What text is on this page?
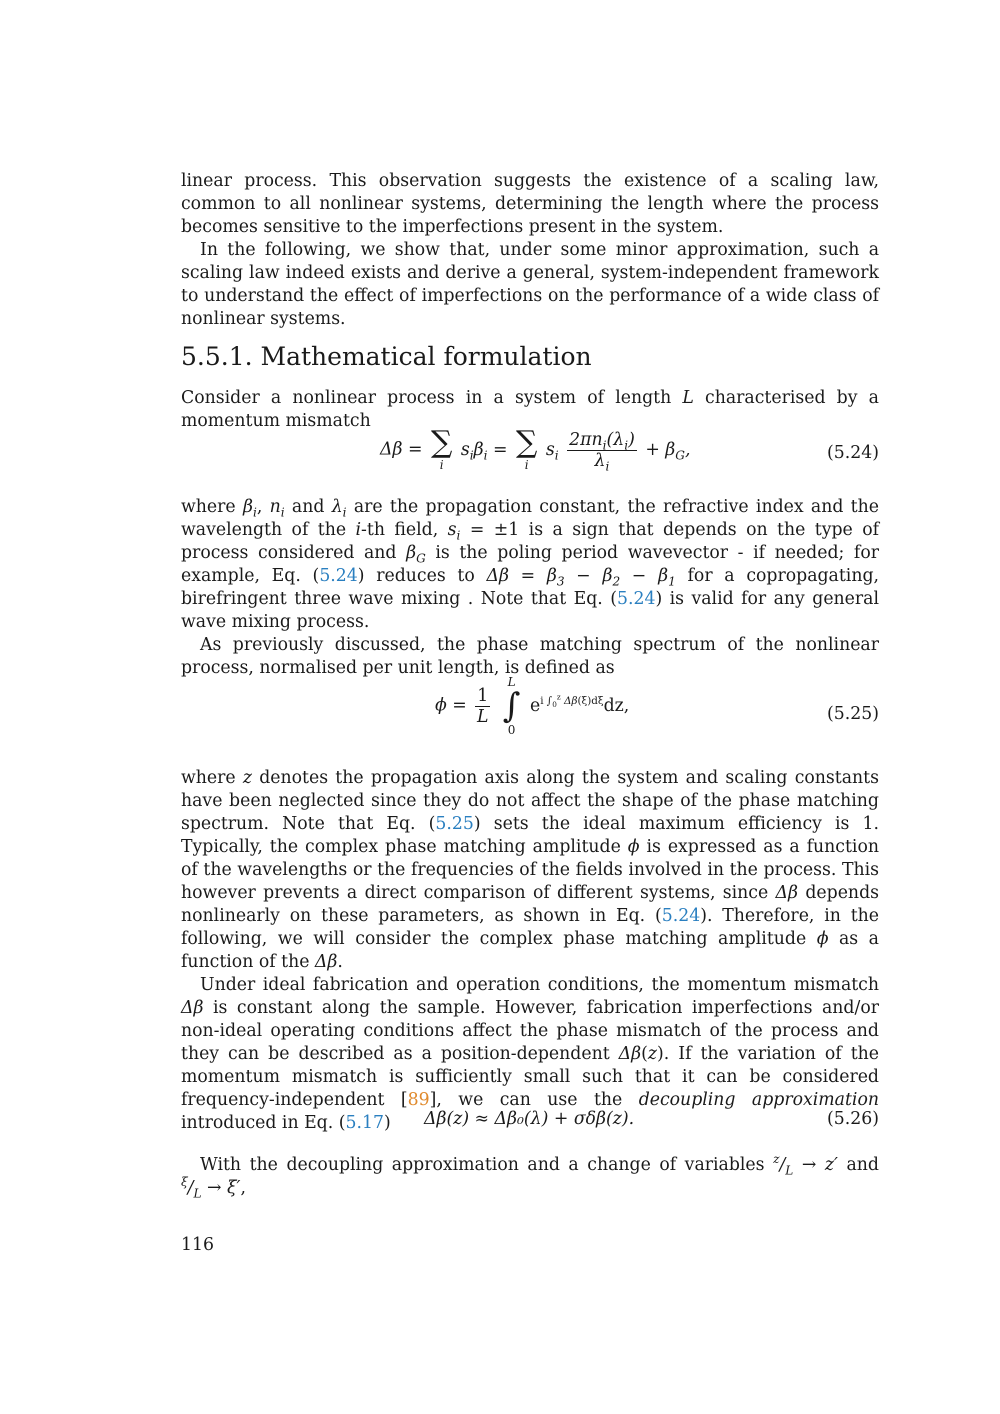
linear process. This observation suggests the existence of a scaling law, common to all nonlinear systems, determining the length where the process becomes sensitive to the imperfections present in the system.

In the following, we show that, under some minor approximation, such a scaling law indeed exists and derive a general, system-independent framework to understand the effect of imperfections on the performance of a wide class of nonlinear systems.

5.5.1. Mathematical formulation

Consider a nonlinear process in a system of length L characterised by a momentum mismatch

Δβ = ∑
i
$s_i\beta_i$ = ∑
i
$s_i \frac{2\pi n_i(\lambda_i)}{\lambda_i} + \beta_G$,	(5.24)

where $\beta_i$, $n_i$ and $\lambda_i$ are the propagation constant, the refractive index and the wavelength of the i-th field, $s_i = \pm 1$ is a sign that depends on the type of process considered and $\beta_G$ is the poling period wavevector - if needed; for example, Eq. (5.24) reduces to $\Delta\beta = \beta_3 - \beta_2 - \beta_1$ for a copropagating, birefringent three wave mixing . Note that Eq. (5.24) is valid for any general wave mixing process.

As previously discussed, the phase matching spectrum of the nonlinear process, normalised per unit length, is defined as

$\phi = \frac{1}{L}$

L
∫
0
$e^{i \int_0^z \Delta\beta(\xi)d\xi}dz$,	(5.25)

where z denotes the propagation axis along the system and scaling constants have been neglected since they do not affect the shape of the phase matching spectrum. Note that Eq. (5.25) sets the ideal maximum efficiency is 1. Typically, the complex phase matching amplitude ϕ is expressed as a function of the wavelengths or the frequencies of the fields involved in the process. This however prevents a direct comparison of different systems, since Δβ depends nonlinearly on these parameters, as shown in Eq. (5.24). Therefore, in the following, we will consider the complex phase matching amplitude ϕ as a function of the Δβ.

Under ideal fabrication and operation conditions, the momentum mismatch Δβ is constant along the sample. However, fabrication imperfections and/or non-ideal operating conditions affect the phase mismatch of the process and they can be described as a position-dependent Δβ(z). If the variation of the momentum mismatch is sufficiently small such that it can be considered frequency-independent [89], we can use the decoupling approximation introduced in Eq. (5.17)	Δβ(z) ≈ Δβ₀(λ) + σδβ(z).	(5.26)

With the decoupling approximation and a change of variables $^z/_L \to z'$ and $^\xi/_L \to \xi'$,

116
